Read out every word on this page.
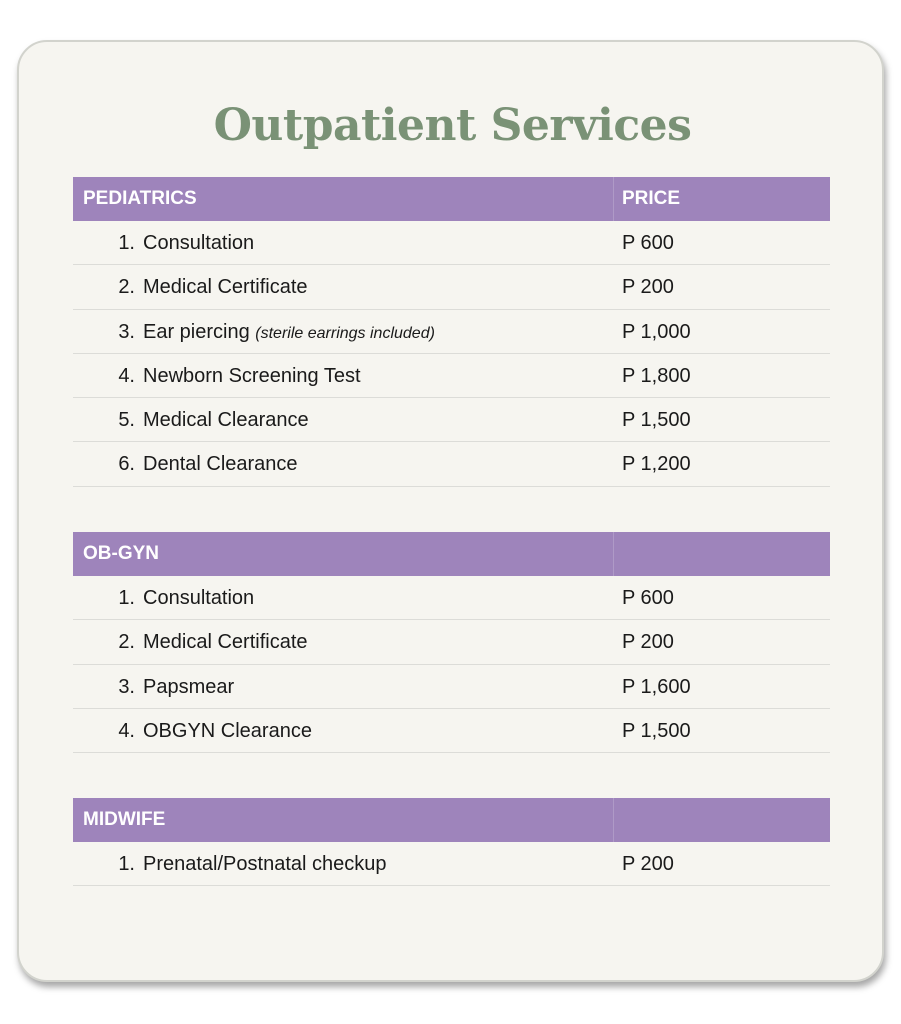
Outpatient Services
PEDIATRICS	PRICE
1. Consultation	P 600
2. Medical Certificate	P 200
3. Ear piercing (sterile earrings included)	P 1,000
4. Newborn Screening Test	P 1,800
5. Medical Clearance	P 1,500
6. Dental Clearance	P 1,200
OB-GYN
1. Consultation	P 600
2. Medical Certificate	P 200
3. Papsmear	P 1,600
4. OBGYN Clearance	P 1,500
MIDWIFE
1. Prenatal/Postnatal checkup	P 200
